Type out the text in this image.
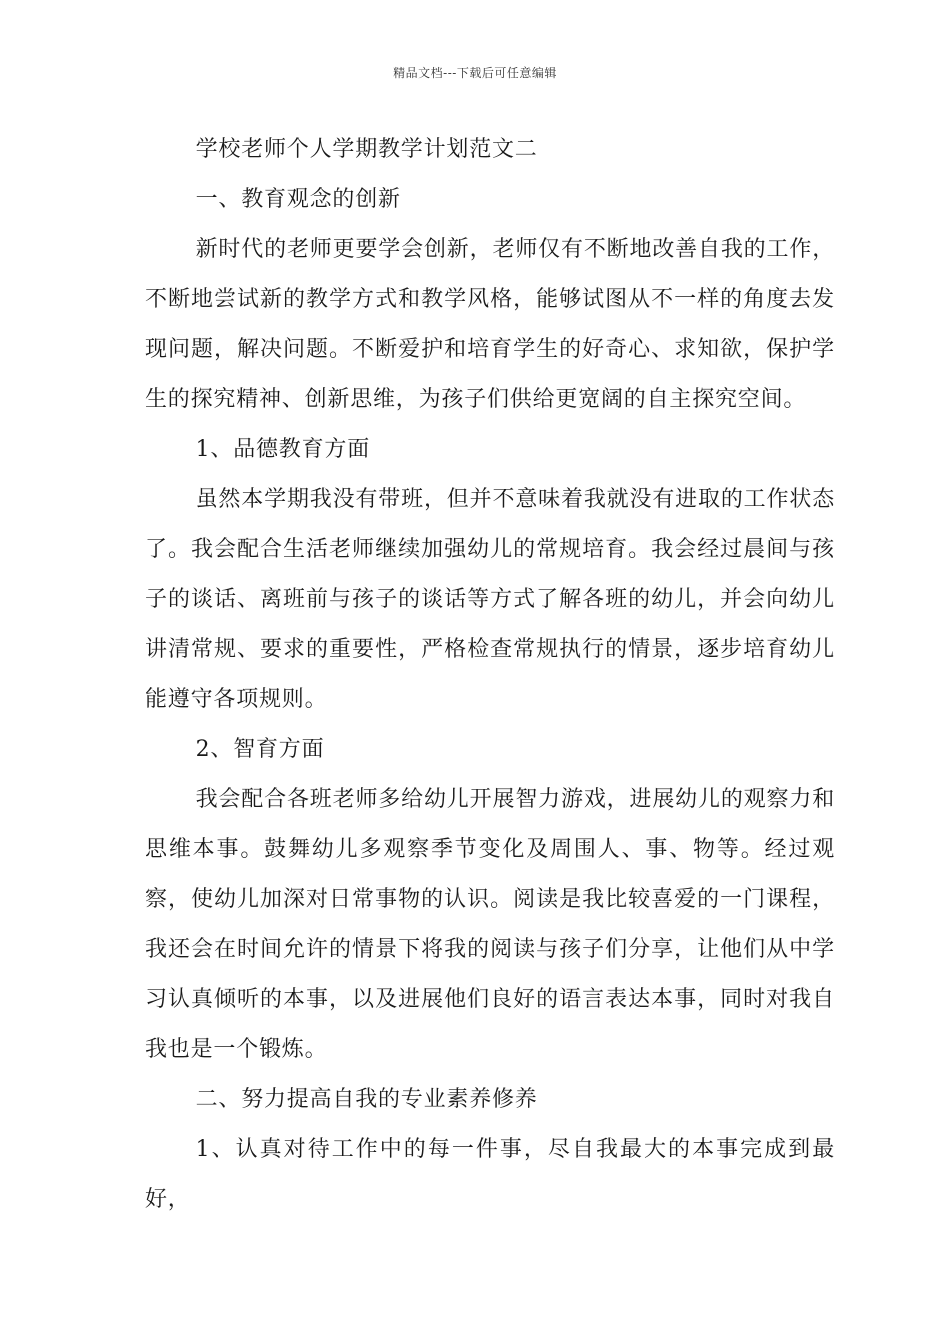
精品文档---下载后可任意编辑

学校老师个人学期教学计划范文二

一、教育观念的创新

新时代的老师更要学会创新，老师仅有不断地改善自我的工作，不断地尝试新的教学方式和教学风格，能够试图从不一样的角度去发现问题，解决问题。不断爱护和培育学生的好奇心、求知欲，保护学生的探究精神、创新思维，为孩子们供给更宽阔的自主探究空间。

1、品德教育方面

虽然本学期我没有带班，但并不意味着我就没有进取的工作状态了。我会配合生活老师继续加强幼儿的常规培育。我会经过晨间与孩子的谈话、离班前与孩子的谈话等方式了解各班的幼儿，并会向幼儿讲清常规、要求的重要性，严格检查常规执行的情景，逐步培育幼儿能遵守各项规则。

2、智育方面

我会配合各班老师多给幼儿开展智力游戏，进展幼儿的观察力和思维本事。鼓舞幼儿多观察季节变化及周围人、事、物等。经过观察，使幼儿加深对日常事物的认识。阅读是我比较喜爱的一门课程，我还会在时间允许的情景下将我的阅读与孩子们分享，让他们从中学习认真倾听的本事，以及进展他们良好的语言表达本事，同时对我自我也是一个锻炼。

二、努力提高自我的专业素养修养

1、认真对待工作中的每一件事，尽自我最大的本事完成到最好，
